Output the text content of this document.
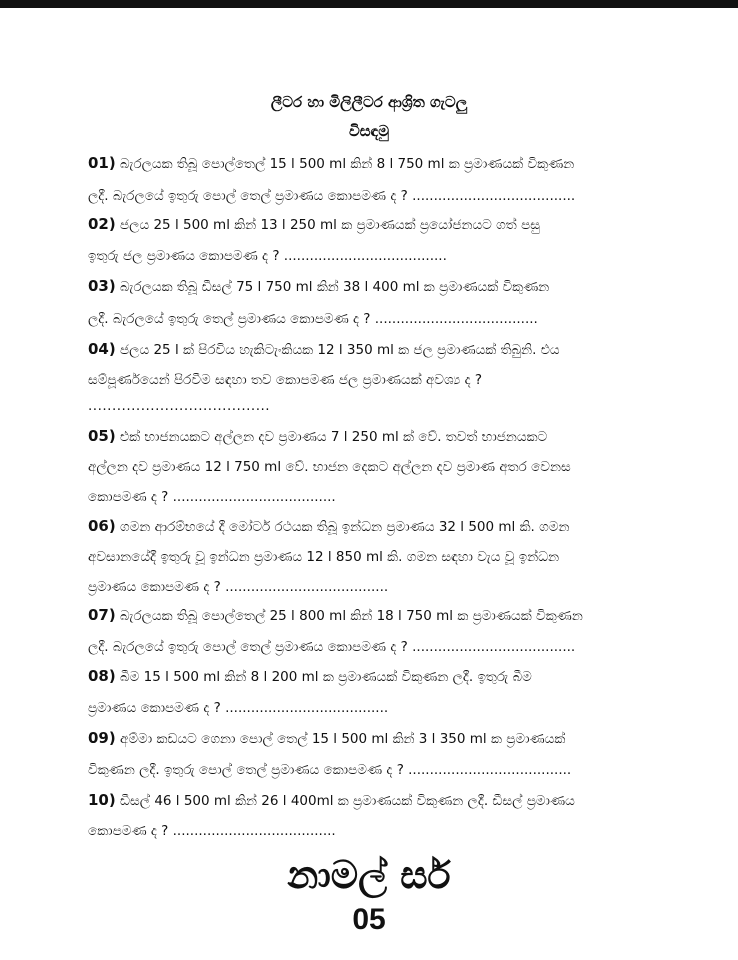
ලීටර හා මිලිලීටර ආශ්‍රිත ගැටලු
විසඳමු
01) බැරලයක තිබූ පොල්තෙල් 15 l 500 ml කින් 8 l 750 ml ක ප්‍රමාණයක් විකුණන
ලදී. බැරලයේ ඉතුරු පොල් තෙල් ප්‍රමාණය කොපමණ ද ? ......................................
02) ජලය 25 l 500 ml කින් 13 l 250 ml ක ප්‍රමාණයක් ප්‍රයෝජනයට ගත් පසු
ඉතුරු ජල ප්‍රමාණය කොපමණ ද ? ......................................
03) බැරලයක තිබූ ඩීසල් 75 l 750 ml කින් 38 l 400 ml ක ප්‍රමාණයක් විකුණන
ලදී. බැරලයේ ඉතුරු තෙල් ප්‍රමාණය කොපමණ ද ? ......................................
04) ජලය 25 l ක් පිරවිය හැකිටැංකියක 12 l 350 ml ක ජල ප්‍රමාණයක් තිබුනි. එය
සම්පූර්ණයෙන් පිරවීම සඳහා තව කොපමණ ජල ප්‍රමාණයක් අවශ්‍ය ද ?
......................................
05) එක් භාජනයකට අල්ලන දව ප්‍රමාණය 7 l 250 ml ක් වේ. තවත් භාජනයකට
අල්ලන දව ප්‍රමාණය 12 l 750 ml වේ. භාජන දෙකට අල්ලන දව ප්‍රමාණ අතර වෙනස
කොපමණ ද ? ......................................
06) ගමන ආරම්භයේ දී මෝටර් රථයක තිබූ ඉන්ධන ප්‍රමාණය 32 l 500 ml කි. ගමන
අවසානයේදී ඉතුරු වූ ඉන්ධන ප්‍රමාණය 12 l 850 ml කි. ගමන සඳහා වැය වූ ඉන්ධන
ප්‍රමාණය කොපමණ ද ? ......................................
07) බැරලයක තිබූ පොල්තෙල් 25 l 800 ml කින් 18 l 750 ml ක ප්‍රමාණයක් විකුණන
ලදී. බැරලයේ ඉතුරු පොල් තෙල් ප්‍රමාණය කොපමණ ද ? ......................................
08) බීම 15 l 500 ml කින් 8 l 200 ml ක ප්‍රමාණයක් විකුණන ලදී. ඉතුරු බීම
ප්‍රමාණය කොපමණ ද ? ......................................
09) අම්මා කඩයට ගෙනා පොල් තෙල් 15 l 500 ml කින් 3 l 350 ml ක ප්‍රමාණයක්
විකුණන ලදී. ඉතුරු පොල් තෙල් ප්‍රමාණය කොපමණ ද ? ......................................
10) ඩීසල් 46 l 500 ml කින් 26 l 400ml ක ප්‍රමාණයක් විකුණන ලදී. ඩීසල් ප්‍රමාණය
කොපමණ ද ? ......................................
නාමල් සර්
05
